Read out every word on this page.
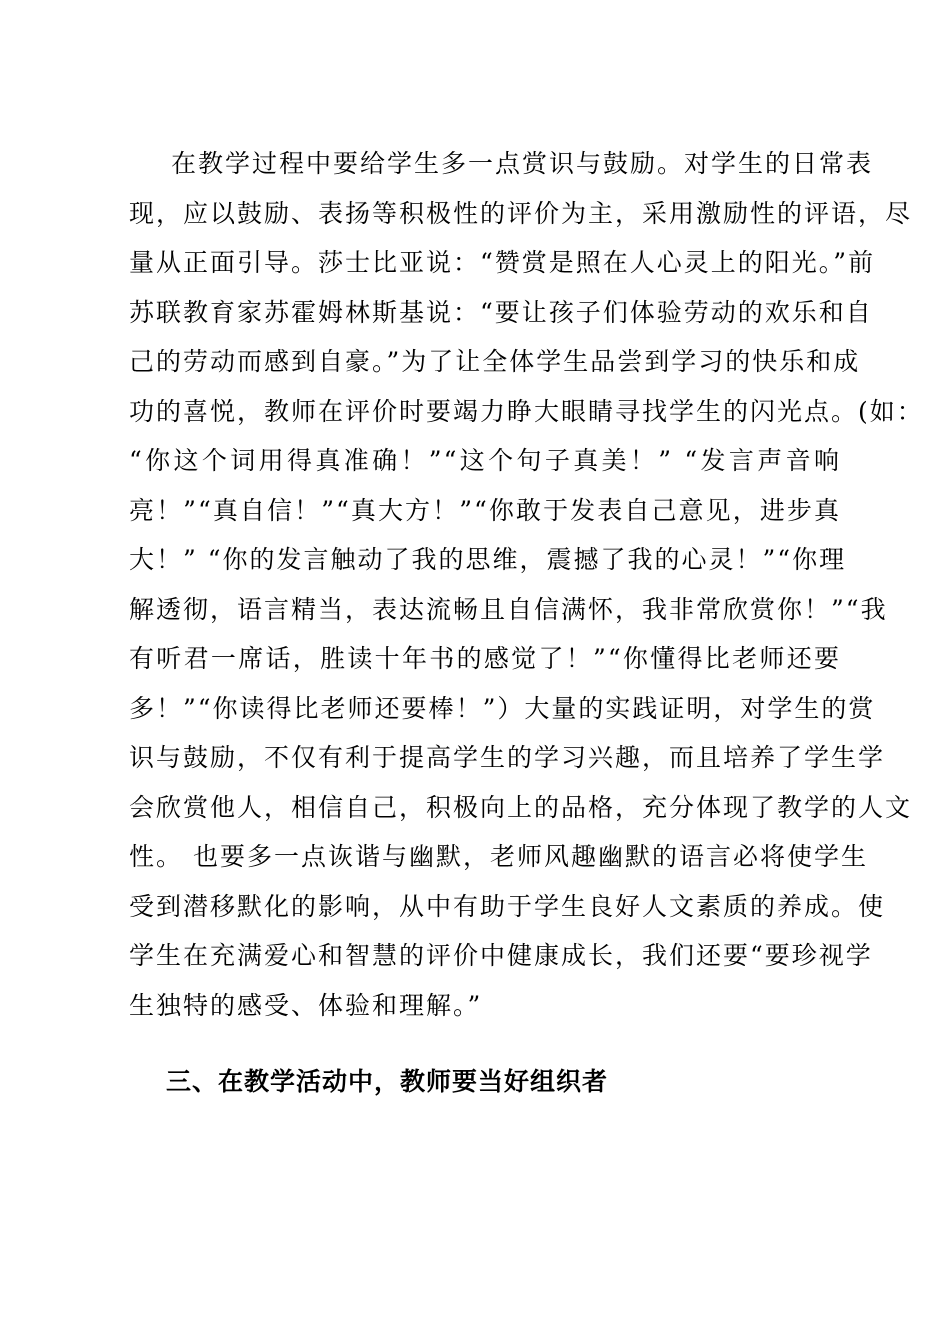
在教学过程中要给学生多一点赏识与鼓励。对学生的日常表
现，应以鼓励、表扬等积极性的评价为主，采用激励性的评语，尽
量从正面引导。莎士比亚说：“赞赏是照在人心灵上的阳光。”前
苏联教育家苏霍姆林斯基说：“要让孩子们体验劳动的欢乐和自
己的劳动而感到自豪。”为了让全体学生品尝到学习的快乐和成
功的喜悦，教师在评价时要竭力睁大眼睛寻找学生的闪光点。(如：
“你这个词用得真准确！”“这个句子真美！” “发言声音响
亮！”“真自信！”“真大方！”“你敢于发表自己意见，进步真
大！” “你的发言触动了我的思维，震撼了我的心灵！”“你理
解透彻，语言精当，表达流畅且自信满怀，我非常欣赏你！”“我
有听君一席话，胜读十年书的感觉了！”“你懂得比老师还要
多！”“你读得比老师还要棒！”）大量的实践证明，对学生的赏
识与鼓励，不仅有利于提高学生的学习兴趣，而且培养了学生学
会欣赏他人，相信自己，积极向上的品格，充分体现了教学的人文
性。 也要多一点诙谐与幽默，老师风趣幽默的语言必将使学生
受到潜移默化的影响，从中有助于学生良好人文素质的养成。使
学生在充满爱心和智慧的评价中健康成长，我们还要“要珍视学
生独特的感受、体验和理解。”
三、在教学活动中，教师要当好组织者
